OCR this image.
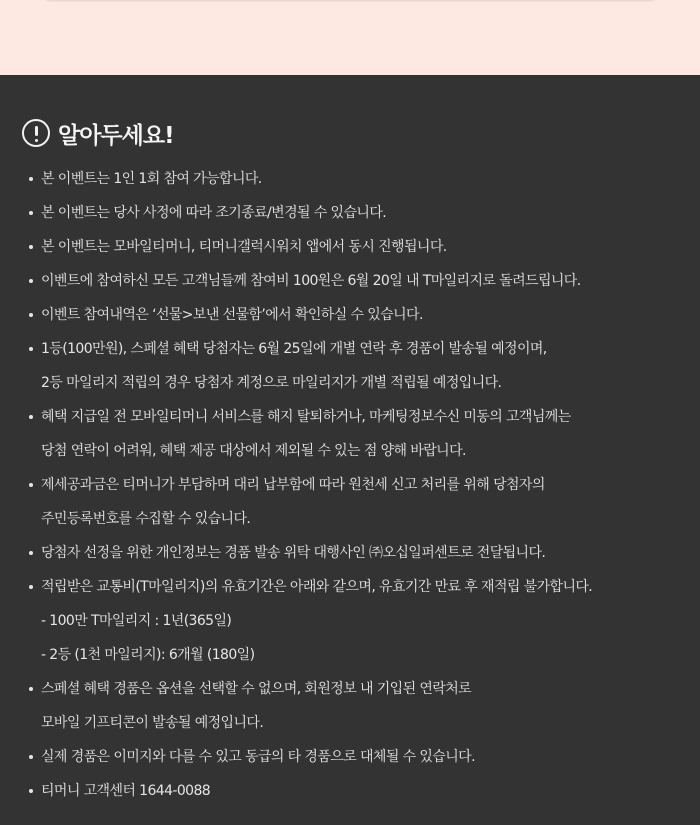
알아두세요!
본 이벤트는 1인 1회 참여 가능합니다.
본 이벤트는 당사 사정에 따라 조기종료/변경될 수 있습니다.
본 이벤트는 모바일티머니, 티머니갤럭시워치 앱에서 동시 진행됩니다.
이벤트에 참여하신 모든 고객님들께 참여비 100원은 6월 20일 내 T마일리지로 돌려드립니다.
이벤트 참여내역은 ‘선물>보낸 선물함’에서 확인하실 수 있습니다.
1등(100만원), 스페셜 혜택 당첨자는 6월 25일에 개별 연락 후 경품이 발송될 예정이며,
2등 마일리지 적립의 경우 당첨자 계정으로 마일리지가 개별 적립될 예정입니다.
혜택 지급일 전 모바일티머니 서비스를 해지 탈퇴하거나, 마케팅정보수신 미동의 고객님께는
당첨 연락이 어려워, 혜택 제공 대상에서 제외될 수 있는 점 양해 바랍니다.
제세공과금은 티머니가 부담하며 대리 납부함에 따라 원천세 신고 처리를 위해 당첨자의
주민등록번호를 수집할 수 있습니다.
당첨자 선정을 위한 개인정보는 경품 발송 위탁 대행사인 ㈜오십일퍼센트로 전달됩니다.
적립받은 교통비(T마일리지)의 유효기간은 아래와 같으며, 유효기간 만료 후 재적립 불가합니다.
- 100만 T마일리지 : 1년(365일)
- 2등 (1천 마일리지): 6개월 (180일)
스페셜 혜택 경품은 옵션을 선택할 수 없으며, 회원정보 내 기입된 연락처로
모바일 기프티콘이 발송될 예정입니다.
실제 경품은 이미지와 다를 수 있고 동급의 타 경품으로 대체될 수 있습니다.
티머니 고객센터 1644-0088
